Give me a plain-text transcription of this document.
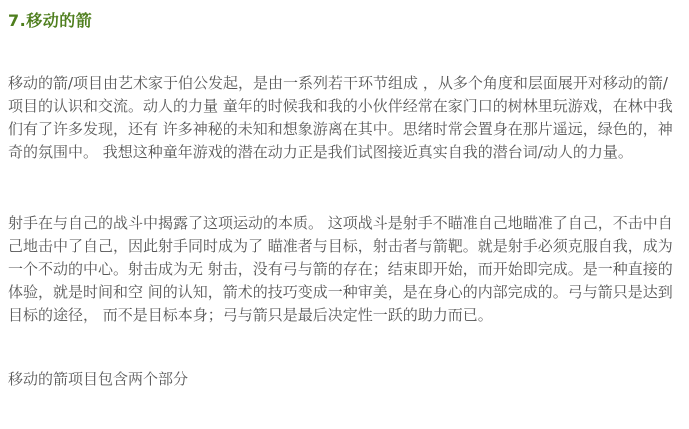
7.移动的箭

移动的箭/项目由艺术家于伯公发起，是由一系列若干环节组成 ，从多个角度和层面展开对移动的箭/项目的认识和交流。动人的力量 童年的时候我和我的小伙伴经常在家门口的树林里玩游戏，在林中我们有了许多发现，还有 许多神秘的未知和想象游离在其中。思绪时常会置身在那片遥远，绿色的，神奇的氛围中。 我想这种童年游戏的潜在动力正是我们试图接近真实自我的潜台词/动人的力量。

射手在与自己的战斗中揭露了这项运动的本质。 这项战斗是射手不瞄准自己地瞄准了自己，不击中自己地击中了自己，因此射手同时成为了 瞄准者与目标，射击者与箭靶。就是射手必须克服自我，成为一个不动的中心。射击成为无 射击，没有弓与箭的存在；结束即开始，而开始即完成。是一种直接的体验，就是时间和空 间的认知，箭术的技巧变成一种审美，是在身心的内部完成的。弓与箭只是达到目标的途径， 而不是目标本身；弓与箭只是最后决定性一跃的助力而已。

移动的箭项目包含两个部分
